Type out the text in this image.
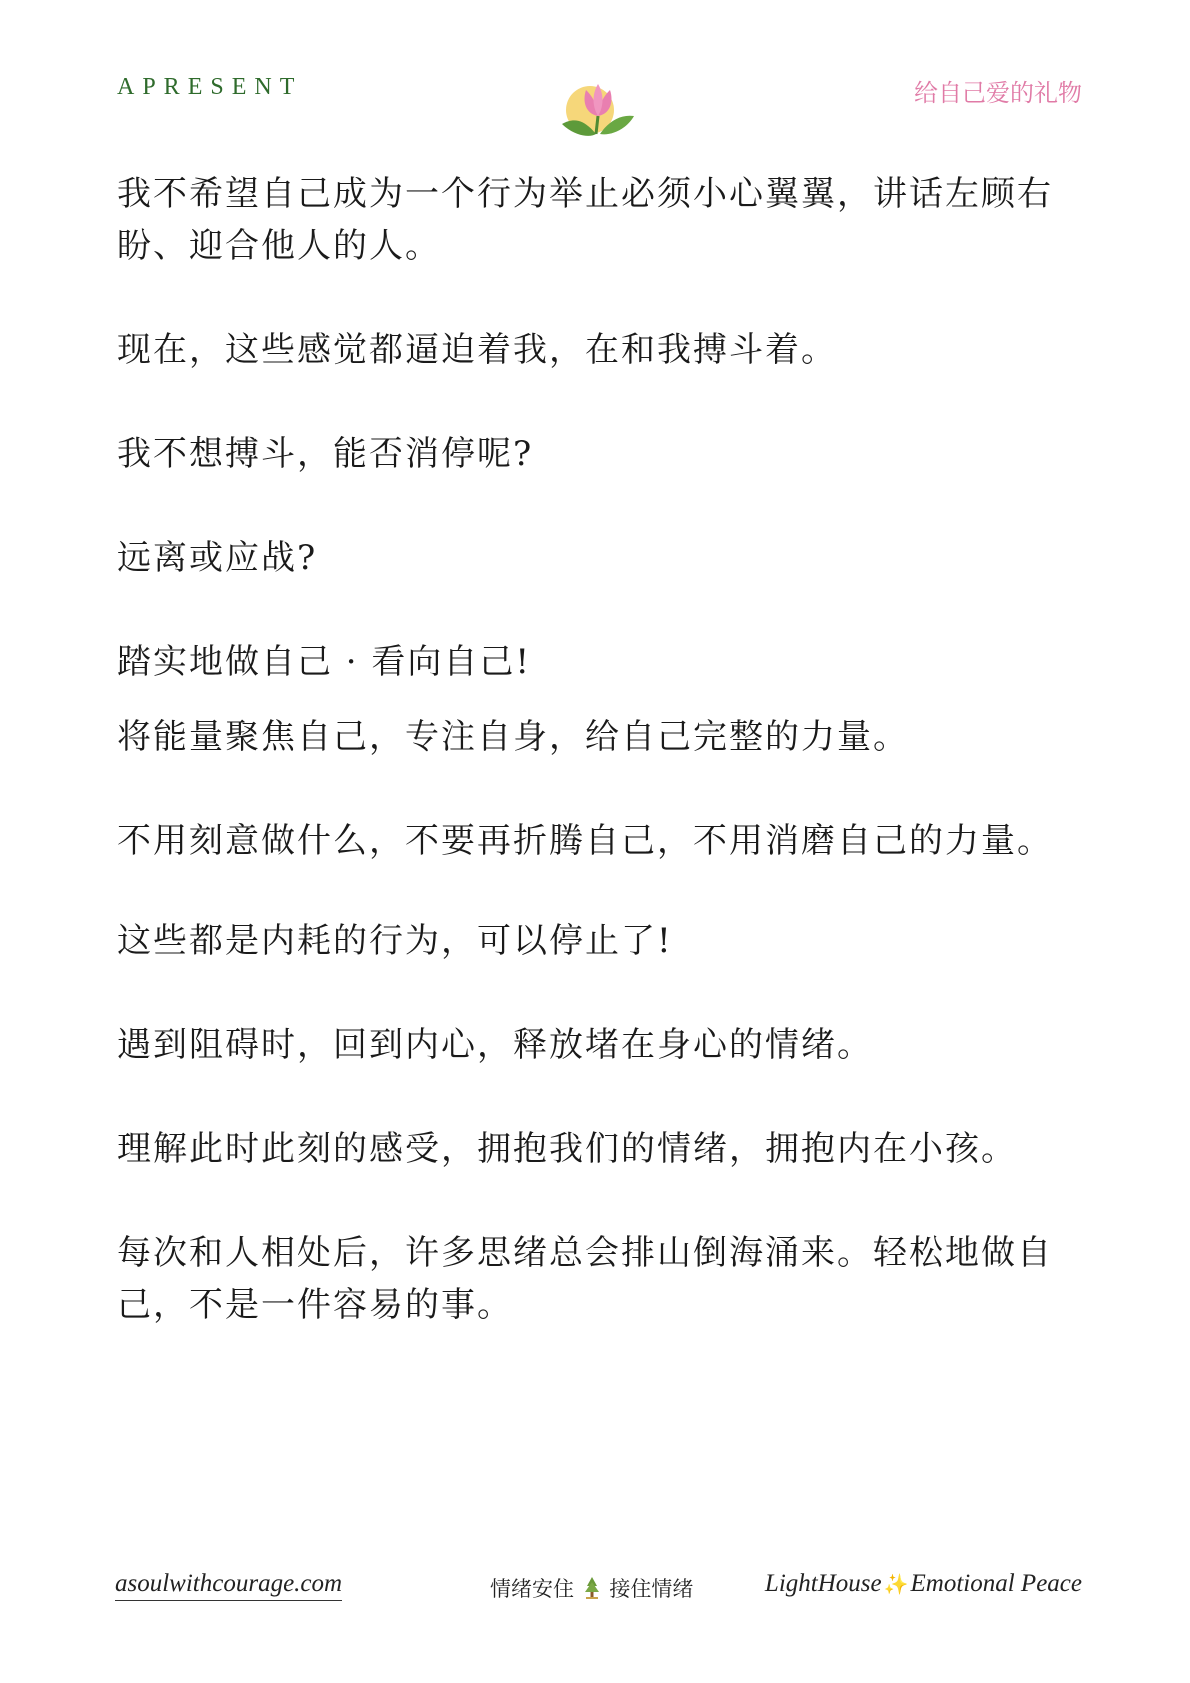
APRESENT	给自己爱的礼物

我不希望自己成为一个行为举止必须小心翼翼，讲话左顾右盼、迎合他人的人。

现在，这些感觉都逼迫着我，在和我搏斗着。

我不想搏斗，能否消停呢?

远离或应战?

踏实地做自己 · 看向自己!

将能量聚焦自己，专注自身，给自己完整的力量。

不用刻意做什么，不要再折腾自己，不用消磨自己的力量。

这些都是内耗的行为，可以停止了!

遇到阻碍时，回到内心，释放堵在身心的情绪。

理解此时此刻的感受，拥抱我们的情绪，拥抱内在小孩。

每次和人相处后，许多思绪总会排山倒海涌来。轻松地做自己，不是一件容易的事。

asoulwithcourage.com	情绪安住 接住情绪	LightHouse ✨Emotional Peace
